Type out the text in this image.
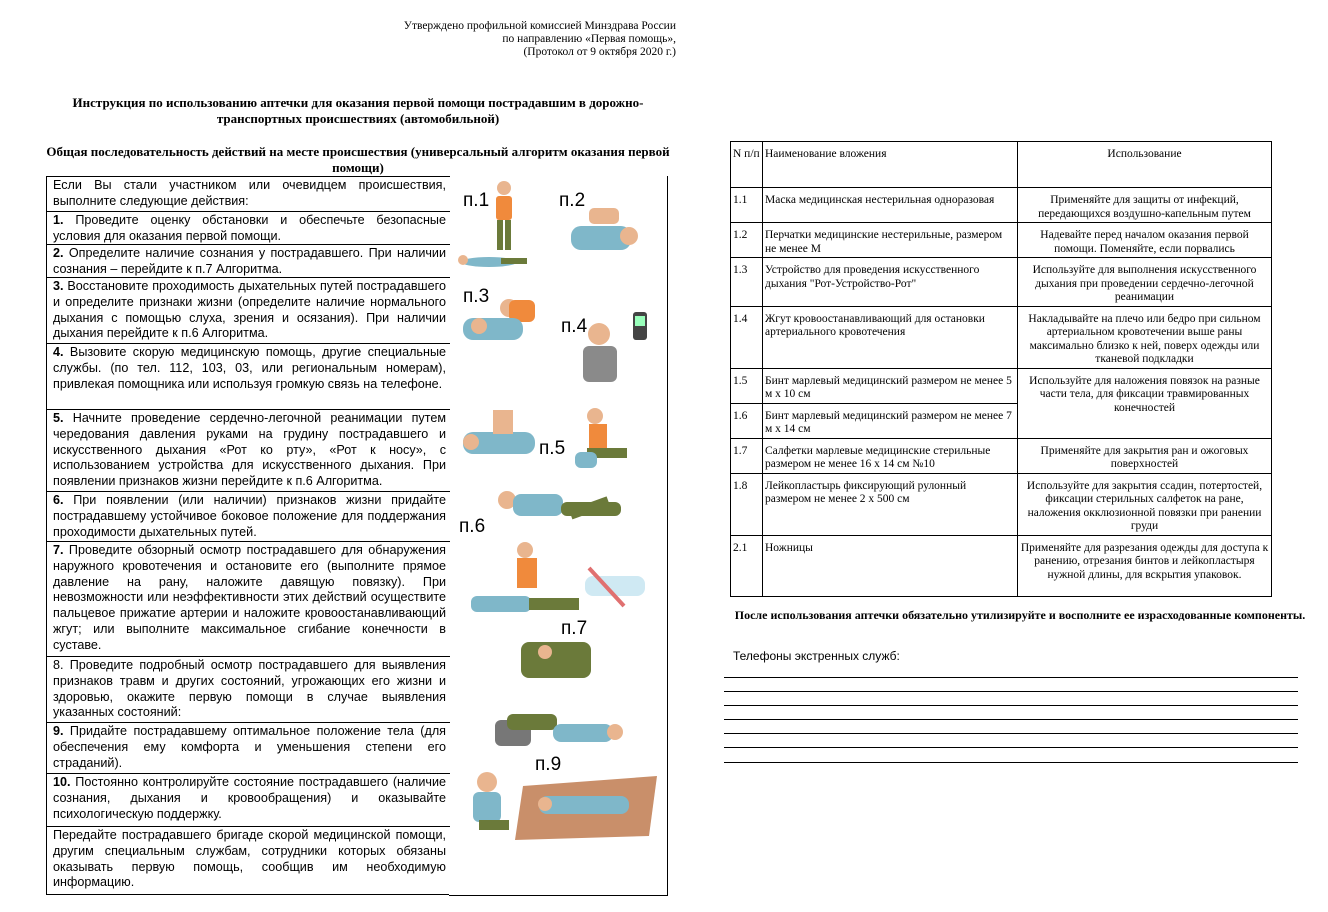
Утверждено профильной комиссией Минздрава России
по направлению «Первая помощь»,
(Протокол от 9 октября 2020 г.)
Инструкция по использованию аптечки для оказания первой помощи пострадавшим в дорожно-транспортных происшествиях (автомобильной)
Общая последовательность действий на месте происшествия (универсальный алгоритм оказания первой помощи)
Если Вы стали участником или очевидцем происшествия, выполните следующие действия:
1. Проведите оценку обстановки и обеспечьте безопасные условия для оказания первой помощи.
2. Определите наличие сознания у пострадавшего. При наличии сознания – перейдите к п.7 Алгоритма.
3. Восстановите проходимость дыхательных путей пострадавшего и определите признаки жизни (определите наличие нормального дыхания с помощью слуха, зрения и осязания). При наличии дыхания перейдите к п.6 Алгоритма.
4. Вызовите скорую медицинскую помощь, другие специальные службы. (по тел. 112, 103, 03, или региональным номерам), привлекая помощника или используя громкую связь на телефоне.
5. Начните проведение сердечно-легочной реанимации путем чередования давления руками на грудину пострадавшего и искусственного дыхания «Рот ко рту», «Рот к носу», с использованием устройства для искусственного дыхания. При появлении признаков жизни перейдите к п.6 Алгоритма.
6. При появлении (или наличии) признаков жизни придайте пострадавшему устойчивое боковое положение для поддержания проходимости дыхательных путей.
7. Проведите обзорный осмотр пострадавшего для обнаружения наружного кровотечения и остановите его (выполните прямое давление на рану, наложите давящую повязку). При невозможности или неэффективности этих действий осуществите пальцевое прижатие артерии и наложите кровоостанавливающий жгут; или выполните максимальное сгибание конечности в суставе.
8. Проведите подробный осмотр пострадавшего для выявления признаков травм и других состояний, угрожающих его жизни и здоровью, окажите первую помощи в случае выявления указанных состояний:
9. Придайте пострадавшему оптимальное положение тела (для обеспечения ему комфорта и уменьшения степени его страданий).
10. Постоянно контролируйте состояние пострадавшего (наличие сознания, дыхания и кровообращения) и оказывайте психологическую поддержку.
Передайте пострадавшего бригаде скорой медицинской помощи, другим специальным службам, сотрудники которых обязаны оказывать первую помощь, сообщив им необходимую информацию.
п.1	п.2
п.3
п.4
п.5
п.6
п.7
п.9
N п/п	Наименование вложения	Использование
1.1	Маска медицинская нестерильная одноразовая	Применяйте для защиты от инфекций, передающихся воздушно-капельным путем
1.2	Перчатки медицинские нестерильные, размером не менее M	Надевайте перед началом оказания первой помощи. Поменяйте, если порвались
1.3	Устройство для проведения искусственного дыхания "Рот-Устройство-Рот"	Используйте для выполнения искусственного дыхания при проведении сердечно-легочной реанимации
1.4	Жгут кровоостанавливающий для остановки артериального кровотечения	Накладывайте на плечо или бедро при сильном артериальном кровотечении выше раны максимально близко к ней, поверх одежды или тканевой подкладки
1.5	Бинт марлевый медицинский размером не менее 5 м х 10 см	Используйте для наложения повязок на разные части тела, для фиксации травмированных конечностей
1.6	Бинт марлевый медицинский размером не менее 7 м х 14 см	
1.7	Салфетки марлевые медицинские стерильные размером не менее 16 х 14 см №10	Применяйте для закрытия ран и ожоговых поверхностей
1.8	Лейкопластырь фиксирующий рулонный размером не менее 2 х 500 см	Используйте для закрытия ссадин, потертостей, фиксации стерильных салфеток на ране, наложения окклюзионной повязки при ранении груди
2.1	Ножницы	Применяйте для разрезания одежды для доступа к ранению, отрезания бинтов и лейкопластыря нужной длины, для вскрытия упаковок.
После использования аптечки обязательно утилизируйте и восполните ее израсходованные компоненты.
Телефоны экстренных служб:
